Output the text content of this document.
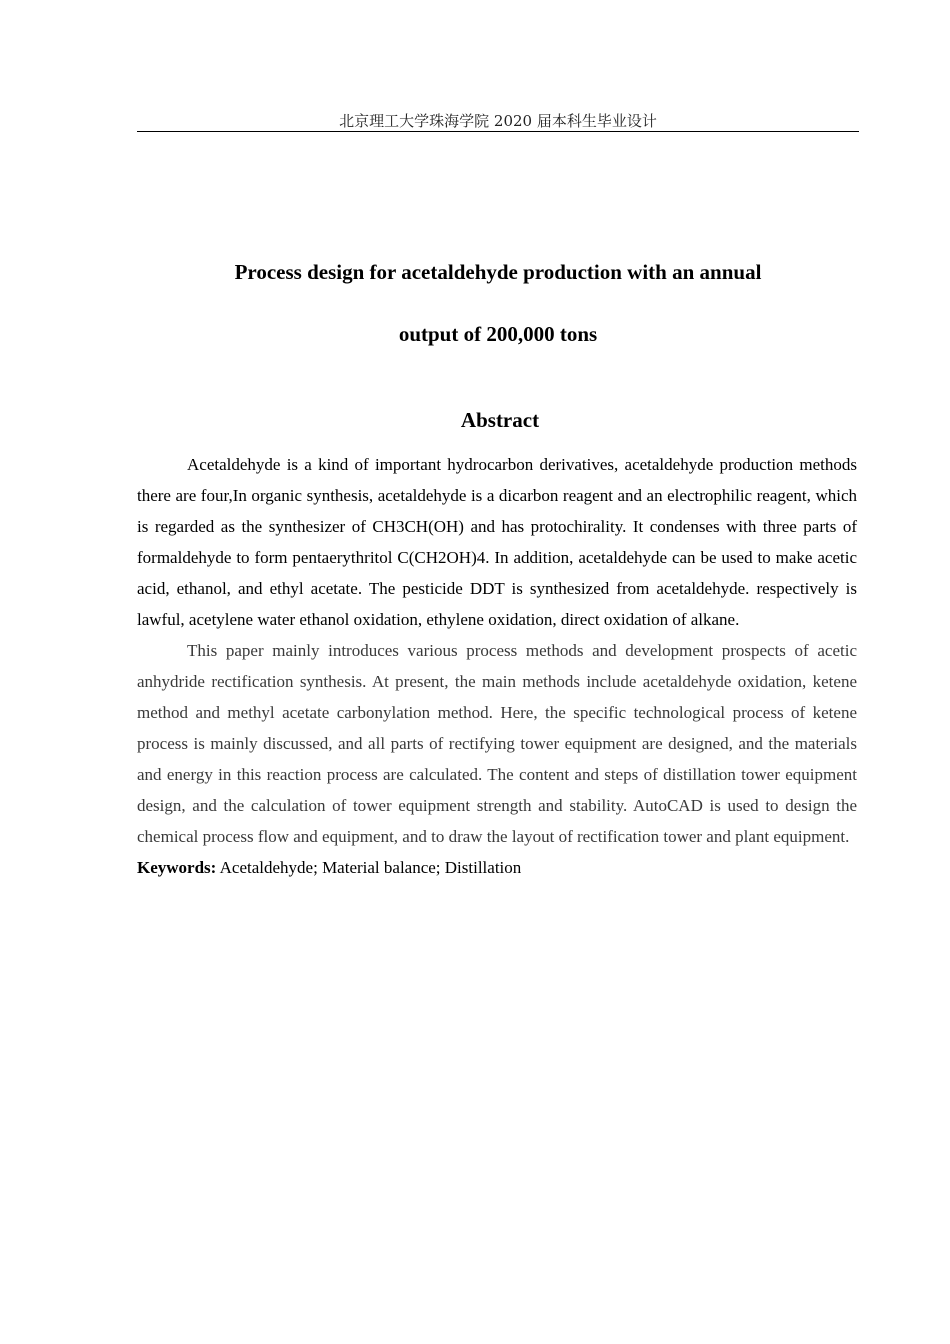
北京理工大学珠海学院 2020 届本科生毕业设计
Process design for acetaldehyde production with an annual
output of 200,000 tons
Abstract

Acetaldehyde is a kind of important hydrocarbon derivatives, acetaldehyde production methods there are four,In organic synthesis, acetaldehyde is a dicarbon reagent and an electrophilic reagent, which is regarded as the synthesizer of CH3CH(OH) and has protochirality. It condenses with three parts of formaldehyde to form pentaerythritol C(CH2OH)4. In addition, acetaldehyde can be used to make acetic acid, ethanol, and ethyl acetate. The pesticide DDT is synthesized from acetaldehyde. respectively is lawful, acetylene water ethanol oxidation, ethylene oxidation, direct oxidation of alkane.

This paper mainly introduces various process methods and development prospects of acetic anhydride rectification synthesis. At present, the main methods include acetaldehyde oxidation, ketene method and methyl acetate carbonylation method. Here, the specific technological process of ketene process is mainly discussed, and all parts of rectifying tower equipment are designed, and the materials and energy in this reaction process are calculated. The content and steps of distillation tower equipment design, and the calculation of tower equipment strength and stability. AutoCAD is used to design the chemical process flow and equipment, and to draw the layout of rectification tower and plant equipment.

Keywords: Acetaldehyde; Material balance; Distillation
